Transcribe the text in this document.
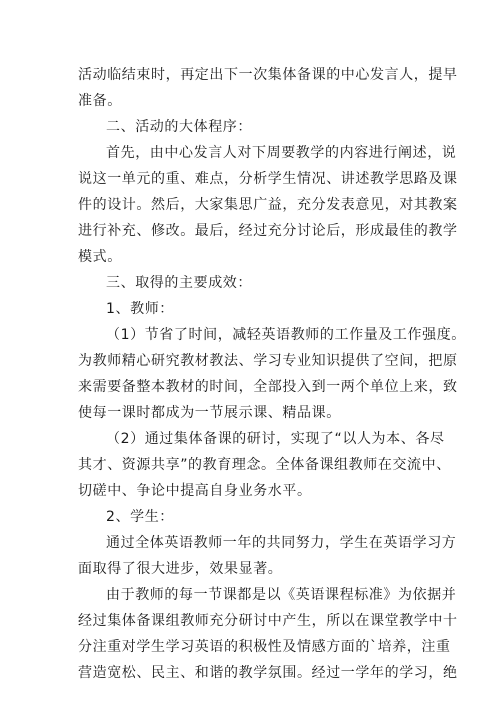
活动临结束时，再定出下一次集体备课的中心发言人，提早
准备。
二、活动的大体程序：
首先，由中心发言人对下周要教学的内容进行阐述，说
说这一单元的重、难点，分析学生情况、讲述教学思路及课
件的设计。然后，大家集思广益，充分发表意见，对其教案
进行补充、修改。最后，经过充分讨论后，形成最佳的教学
模式。
三、取得的主要成效：
1、教师：
（1）节省了时间，减轻英语教师的工作量及工作强度。
为教师精心研究教材教法、学习专业知识提供了空间，把原
来需要备整本教材的时间，全部投入到一两个单位上来，致
使每一课时都成为一节展示课、精品课。
（2）通过集体备课的研讨，实现了“以人为本、各尽
其才、资源共享”的教育理念。全体备课组教师在交流中、
切磋中、争论中提高自身业务水平。
2、学生：
通过全体英语教师一年的共同努力，学生在英语学习方
面取得了很大进步，效果显著。
由于教师的每一节课都是以《英语课程标准》为依据并
经过集体备课组教师充分研讨中产生，所以在课堂教学中十
分注重对学生学习英语的积极性及情感方面的`培养，注重
营造宽松、民主、和谐的教学氛围。经过一学年的学习，绝
